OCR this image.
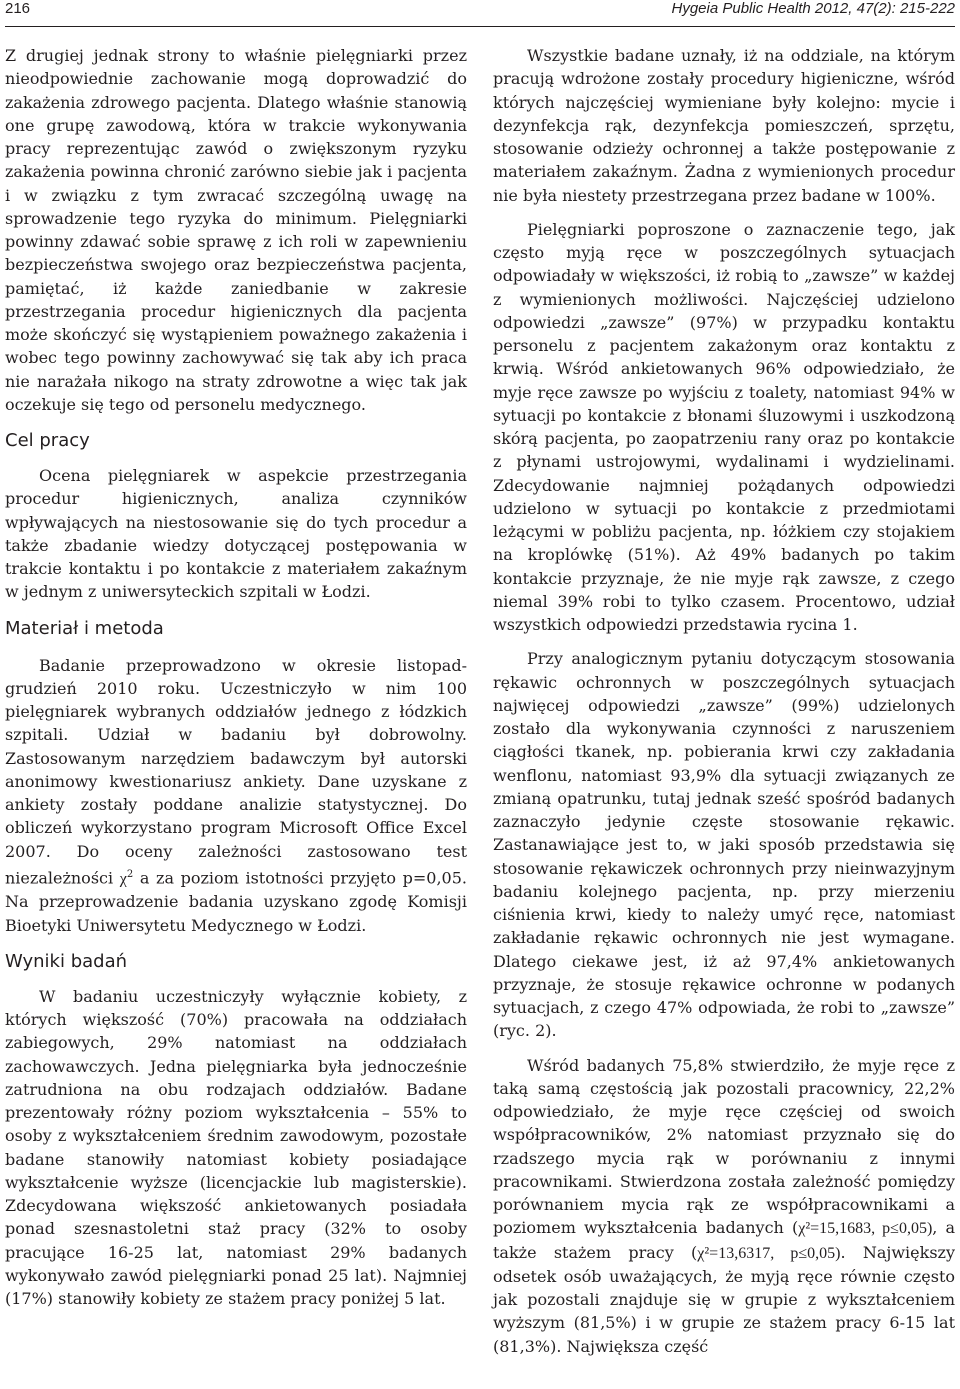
216	Hygeia Public Health 2012, 47(2): 215-222

Z drugiej jednak strony to właśnie pielęgniarki przez nieodpowiednie zachowanie mogą doprowadzić do zakażenia zdrowego pacjenta. Dlatego właśnie stanowią one grupę zawodową, która w trakcie wykonywania pracy reprezentując zawód o zwiększonym ryzyku zakażenia powinna chronić zarówno siebie jak i pacjenta i w związku z tym zwracać szczególną uwagę na sprowadzenie tego ryzyka do minimum. Pielęgniarki powinny zdawać sobie sprawę z ich roli w zapewnieniu bezpieczeństwa swojego oraz bezpieczeństwa pacjenta, pamiętać, iż każde zaniedbanie w zakresie przestrzegania procedur higienicznych dla pacjenta może skończyć się wystąpieniem poważnego zakażenia i wobec tego powinny zachowywać się tak aby ich praca nie narażała nikogo na straty zdrowotne a więc tak jak oczekuje się tego od personelu medycznego.

Cel pracy

Ocena pielęgniarek w aspekcie przestrzegania procedur higienicznych, analiza czynników wpływających na niestosowanie się do tych procedur a także zbadanie wiedzy dotyczącej postępowania w trakcie kontaktu i po kontakcie z materiałem zakaźnym w jednym z uniwersyteckich szpitali w Łodzi.

Materiał i metoda

Badanie przeprowadzono w okresie listopad-grudzień 2010 roku. Uczestniczyło w nim 100 pielęgniarek wybranych oddziałów jednego z łódzkich szpitali. Udział w badaniu był dobrowolny. Zastosowanym narzędziem badawczym był autorski anonimowy kwestionariusz ankiety. Dane uzyskane z ankiety zostały poddane analizie statystycznej. Do obliczeń wykorzystano program Microsoft Office Excel 2007. Do oceny zależności zastosowano test niezależności $\chi^2$ a za poziom istotności przyjęto p=0,05. Na przeprowadzenie badania uzyskano zgodę Komisji Bioetyki Uniwersytetu Medycznego w Łodzi.

Wyniki badań

W badaniu uczestniczyły wyłącznie kobiety, z których większość (70%) pracowała na oddziałach zabiegowych, 29% natomiast na oddziałach zachowawczych. Jedna pielęgniarka była jednocześnie zatrudniona na obu rodzajach oddziałów. Badane prezentowały różny poziom wykształcenia – 55% to osoby z wykształceniem średnim zawodowym, pozostałe badane stanowiły natomiast kobiety posiadające wykształcenie wyższe (licencjackie lub magisterskie). Zdecydowana większość ankietowanych posiadała ponad szesnastoletni staż pracy (32% to osoby pracujące 16-25 lat, natomiast 29% badanych wykonywało zawód pielęgniarki ponad 25 lat). Najmniej (17%) stanowiły kobiety ze stażem pracy poniżej 5 lat.

Wszystkie badane uznały, iż na oddziale, na którym pracują wdrożone zostały procedury higieniczne, wśród których najczęściej wymieniane były kolejno: mycie i dezynfekcja rąk, dezynfekcja pomieszczeń, sprzętu, stosowanie odzieży ochronnej a także postępowanie z materiałem zakaźnym. Żadna z wymienionych procedur nie była niestety przestrzegana przez badane w 100%.

Pielęgniarki poproszone o zaznaczenie tego, jak często myją ręce w poszczególnych sytuacjach odpowiadały w większości, iż robią to „zawsze” w każdej z wymienionych możliwości. Najczęściej udzielono odpowiedzi „zawsze” (97%) w przypadku kontaktu personelu z pacjentem zakażonym oraz kontaktu z krwią. Wśród ankietowanych 96% odpowiedziało, że myje ręce zawsze po wyjściu z toalety, natomiast 94% w sytuacji po kontakcie z błonami śluzowymi i uszkodzoną skórą pacjenta, po zaopatrzeniu rany oraz po kontakcie z płynami ustrojowymi, wydalinami i wydzielinami. Zdecydowanie najmniej pożądanych odpowiedzi udzielono w sytuacji po kontakcie z przedmiotami leżącymi w pobliżu pacjenta, np. łóżkiem czy stojakiem na kroplówkę (51%). Aż 49% badanych po takim kontakcie przyznaje, że nie myje rąk zawsze, z czego niemal 39% robi to tylko czasem. Procentowo, udział wszystkich odpowiedzi przedstawia rycina 1.

Przy analogicznym pytaniu dotyczącym stosowania rękawic ochronnych w poszczególnych sytuacjach najwięcej odpowiedzi „zawsze” (99%) udzielonych zostało dla wykonywania czynności z naruszeniem ciągłości tkanek, np. pobierania krwi czy zakładania wenflonu, natomiast 93,9% dla sytuacji związanych ze zmianą opatrunku, tutaj jednak sześć spośród badanych zaznaczyło jedynie częste stosowanie rękawic. Zastanawiające jest to, w jaki sposób przedstawia się stosowanie rękawiczek ochronnych przy nieinwazyjnym badaniu kolejnego pacjenta, np. przy mierzeniu ciśnienia krwi, kiedy to należy umyć ręce, natomiast zakładanie rękawic ochronnych nie jest wymagane. Dlatego ciekawe jest, iż aż 97,4% ankietowanych przyznaje, że stosuje rękawice ochronne w podanych sytuacjach, z czego 47% odpowiada, że robi to „zawsze” (ryc. 2).

Wśród badanych 75,8% stwierdziło, że myje ręce z taką samą częstością jak pozostali pracownicy, 22,2% odpowiedziało, że myje ręce częściej od swoich współpracowników, 2% natomiast przyznało się do rzadszego mycia rąk w porównaniu z innymi pracownikami. Stwierdzona została zależność pomiędzy porównaniem mycia rąk ze współpracownikami a poziomem wykształcenia badanych (χ²=15,1683, p≤0,05), a także stażem pracy (χ²=13,6317, p≤0,05). Największy odsetek osób uważających, że myją ręce równie często jak pozostali znajduje się w grupie z wykształceniem wyższym (81,5%) i w grupie ze stażem pracy 6-15 lat (81,3%). Największa część
